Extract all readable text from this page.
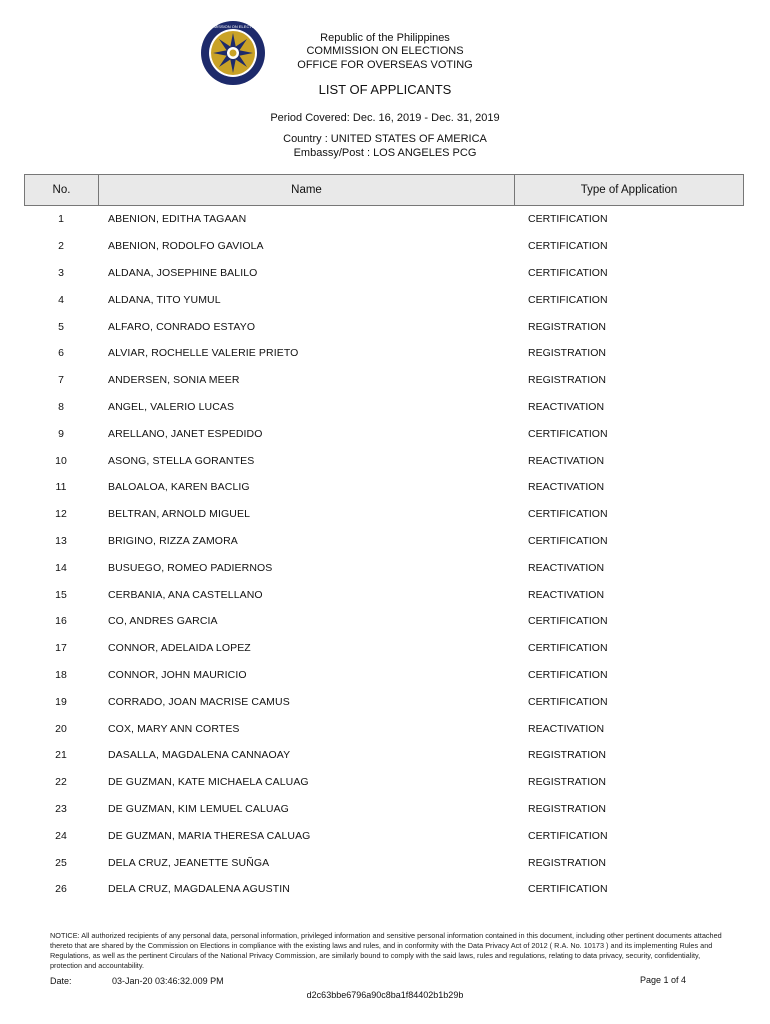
COMMISSION ON ELECTIONS
Republic of the Philippines
COMMISSION ON ELECTIONS
OFFICE FOR OVERSEAS VOTING
LIST OF APPLICANTS
Period Covered: Dec. 16, 2019 - Dec. 31, 2019
Country : UNITED STATES OF AMERICA
Embassy/Post : LOS ANGELES PCG
No.	Name	Type of Application
1	ABENION, EDITHA TAGAAN	CERTIFICATION
2	ABENION, RODOLFO GAVIOLA	CERTIFICATION
3	ALDANA, JOSEPHINE BALILO	CERTIFICATION
4	ALDANA, TITO YUMUL	CERTIFICATION
5	ALFARO, CONRADO ESTAYO	REGISTRATION
6	ALVIAR, ROCHELLE VALERIE PRIETO	REGISTRATION
7	ANDERSEN, SONIA MEER	REGISTRATION
8	ANGEL, VALERIO LUCAS	REACTIVATION
9	ARELLANO, JANET ESPEDIDO	CERTIFICATION
10	ASONG, STELLA GORANTES	REACTIVATION
11	BALOALOA, KAREN BACLIG	REACTIVATION
12	BELTRAN, ARNOLD MIGUEL	CERTIFICATION
13	BRIGINO, RIZZA ZAMORA	CERTIFICATION
14	BUSUEGO, ROMEO PADIERNOS	REACTIVATION
15	CERBANIA, ANA CASTELLANO	REACTIVATION
16	CO, ANDRES GARCIA	CERTIFICATION
17	CONNOR, ADELAIDA LOPEZ	CERTIFICATION
18	CONNOR, JOHN MAURICIO	CERTIFICATION
19	CORRADO, JOAN MACRISE CAMUS	CERTIFICATION
20	COX, MARY ANN CORTES	REACTIVATION
21	DASALLA, MAGDALENA CANNAOAY	REGISTRATION
22	DE GUZMAN, KATE MICHAELA CALUAG	REGISTRATION
23	DE GUZMAN, KIM LEMUEL CALUAG	REGISTRATION
24	DE GUZMAN, MARIA THERESA CALUAG	CERTIFICATION
25	DELA CRUZ, JEANETTE SUÑGA	REGISTRATION
26	DELA CRUZ, MAGDALENA AGUSTIN	CERTIFICATION
NOTICE: All authorized recipients of any personal data, personal information, privileged information and sensitive personal information contained in this document, including other pertinent documents attached thereto that are shared by the Commission on Elections in compliance with the existing laws and rules, and in conformity with the Data Privacy Act of 2012 ( R.A. No. 10173 ) and its implementing Rules and Regulations, as well as the pertinent Circulars of the National Privacy Commission, are similarly bound to comply with the said laws, rules and regulations, relating to data privacy, security, confidentiality, protection and accountability.
Date:	03-Jan-20 03:46:32.009 PM	Page 1 of 4
d2c63bbe6796a90c8ba1f84402b1b29b
